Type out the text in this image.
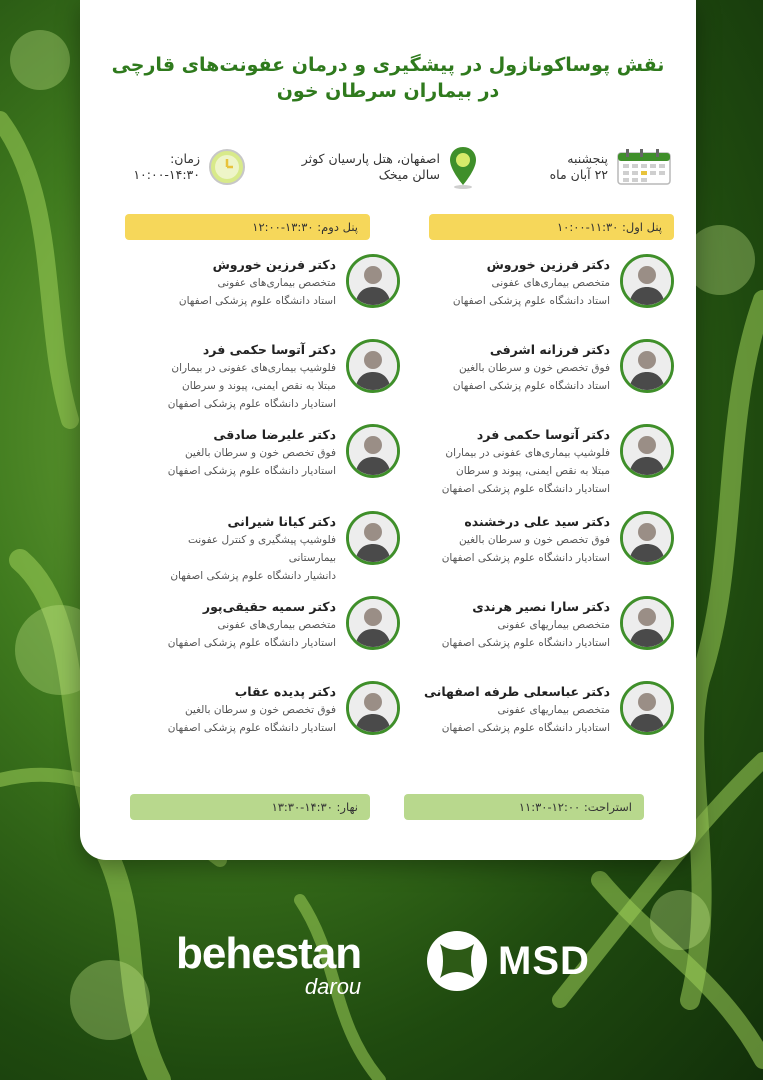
نقش پوساکونازول در پیشگیری و درمان عفونت‌های قارچی
در بیماران سرطان خون
پنجشنبه
۲۲ آبان ماه
اصفهان، هتل پارسیان کوثر
سالن میخک
زمان:
۱۰:۰۰-۱۴:۳۰
پنل اول: ۱۱:۳۰-۱۰:۰۰
پنل دوم: ۱۳:۳۰-۱۲:۰۰
دکتر فرزین خوروش
متخصص بیماری‌های عفونی
استاد دانشگاه علوم پزشکی اصفهان
دکتر فرزانه اشرفی
فوق تخصص خون و سرطان بالغین
استاد دانشگاه علوم پزشکی اصفهان
دکتر آتوسا حکمی فرد
فلوشیپ بیماری‌های عفونی در بیماران
مبتلا به نقص ایمنی، پیوند و سرطان
استادیار دانشگاه علوم پزشکی اصفهان
دکتر سید علی درخشنده
فوق تخصص خون و سرطان بالغین
استادیار دانشگاه علوم پزشکی اصفهان
دکتر سارا نصیر هرندی
متخصص بیماریهای عفونی
استادیار دانشگاه علوم پزشکی اصفهان
دکتر عباسعلی طرفه اصفهانی
متخصص بیماریهای عفونی
استادیار دانشگاه علوم پزشکی اصفهان
دکتر فرزین خوروش
متخصص بیماری‌های عفونی
استاد دانشگاه علوم پزشکی اصفهان
دکتر آتوسا حکمی فرد
فلوشیپ بیماری‌های عفونی در بیماران
مبتلا به نقص ایمنی، پیوند و سرطان
استادیار دانشگاه علوم پزشکی اصفهان
دکتر علیرضا صادقی
فوق تخصص خون و سرطان بالغین
استادیار دانشگاه علوم پزشکی اصفهان
دکتر کیانا شیرانی
فلوشیپ پیشگیری و کنترل عفونت
بیمارستانی
دانشیار دانشگاه علوم پزشکی اصفهان
دکتر سمیه حقیقی‌پور
متخصص بیماری‌های عفونی
استادیار دانشگاه علوم پزشکی اصفهان
دکتر پدیده عقاب
فوق تخصص خون و سرطان بالغین
استادیار دانشگاه علوم پزشکی اصفهان
استراحت: ۱۲:۰۰-۱۱:۳۰
نهار: ۱۴:۳۰-۱۳:۳۰
MSD
behestan
darou
